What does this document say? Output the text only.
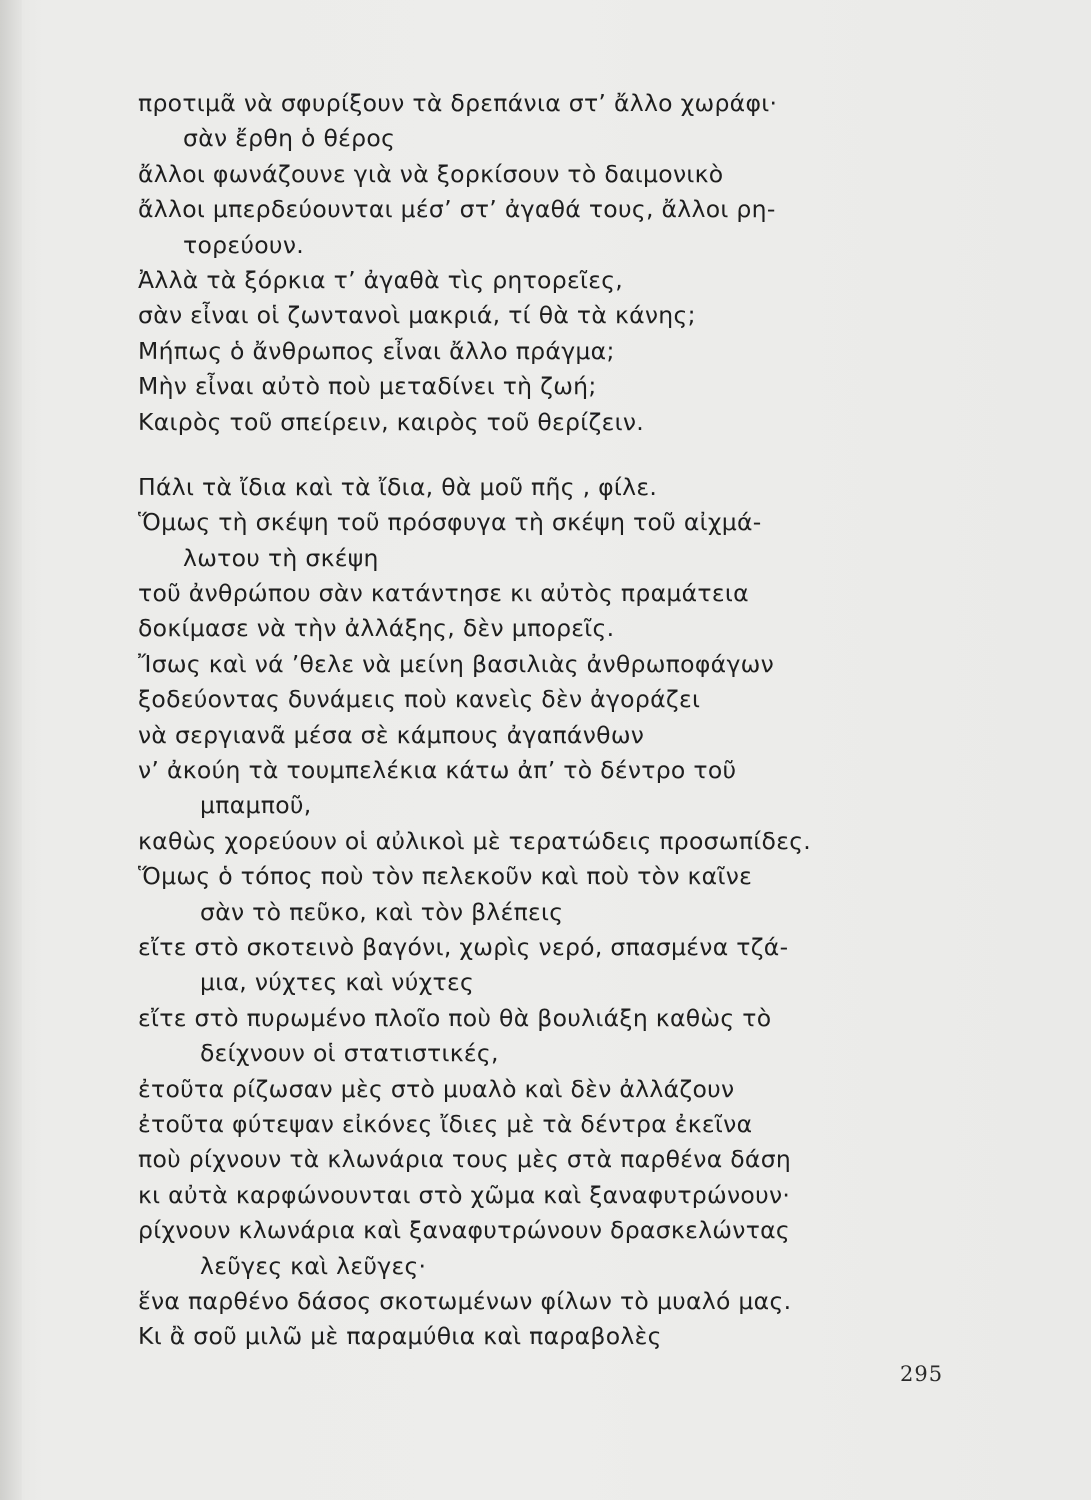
προτιμᾶ νὰ σφυρίξουν τὰ δρεπάνια στ’ ἄλλο χωράφι·
σὰν ἔρθη ὁ θέρος
ἄλλοι φωνάζουνε γιὰ νὰ ξορκίσουν τὸ δαιμονικὸ
ἄλλοι μπερδεύουνται μέσ’ στ’ ἀγαθά τους, ἄλλοι ρη-
τορεύουν.
Ἀλλὰ τὰ ξόρκια τ’ ἀγαθὰ τὶς ρητορεῖες,
σὰν εἶναι οἱ ζωντανοὶ μακριά, τί θὰ τὰ κάνης;
Μήπως ὁ ἄνθρωπος εἶναι ἄλλο πράγμα;
Μὴν εἶναι αὐτὸ ποὺ μεταδίνει τὴ ζωή;
Καιρὸς τοῦ σπείρειν, καιρὸς τοῦ θερίζειν.
Πάλι τὰ ἴδια καὶ τὰ ἴδια, θὰ μοῦ πῆς , φίλε.
Ὅμως τὴ σκέψη τοῦ πρόσφυγα τὴ σκέψη τοῦ αἰχμά-
λωτου τὴ σκέψη
τοῦ ἀνθρώπου σὰν κατάντησε κι αὐτὸς πραμάτεια
δοκίμασε νὰ τὴν ἀλλάξης, δὲν μπορεῖς.
Ἴσως καὶ νά ’θελε νὰ μείνη βασιλιὰς ἀνθρωποφάγων
ξοδεύοντας δυνάμεις ποὺ κανεὶς δὲν ἀγοράζει
νὰ σεργιανᾶ μέσα σὲ κάμπους ἀγαπάνθων
ν’ ἀκούη τὰ τουμπελέκια κάτω ἀπ’ τὸ δέντρο τοῦ
μπαμποῦ,
καθὼς χορεύουν οἱ αὐλικοὶ μὲ τερατώδεις προσωπίδες.
Ὅμως ὁ τόπος ποὺ τὸν πελεκοῦν καὶ ποὺ τὸν καῖνε
σὰν τὸ πεῦκο, καὶ τὸν βλέπεις
εἴτε στὸ σκοτεινὸ βαγόνι, χωρὶς νερό, σπασμένα τζά-
μια, νύχτες καὶ νύχτες
εἴτε στὸ πυρωμένο πλοῖο ποὺ θὰ βουλιάξη καθὼς τὸ
δείχνουν οἱ στατιστικές,
ἐτοῦτα ρίζωσαν μὲς στὸ μυαλὸ καὶ δὲν ἀλλάζουν
ἐτοῦτα φύτεψαν εἰκόνες ἴδιες μὲ τὰ δέντρα ἐκεῖνα
ποὺ ρίχνουν τὰ κλωνάρια τους μὲς στὰ παρθένα δάση
κι αὐτὰ καρφώνουνται στὸ χῶμα καὶ ξαναφυτρώνουν·
ρίχνουν κλωνάρια καὶ ξαναφυτρώνουν δρασκελώντας
λεῦγες καὶ λεῦγες·
ἕνα παρθένο δάσος σκοτωμένων φίλων τὸ μυαλό μας.
Κι ἂ σοῦ μιλῶ μὲ παραμύθια καὶ παραβολὲς
295
